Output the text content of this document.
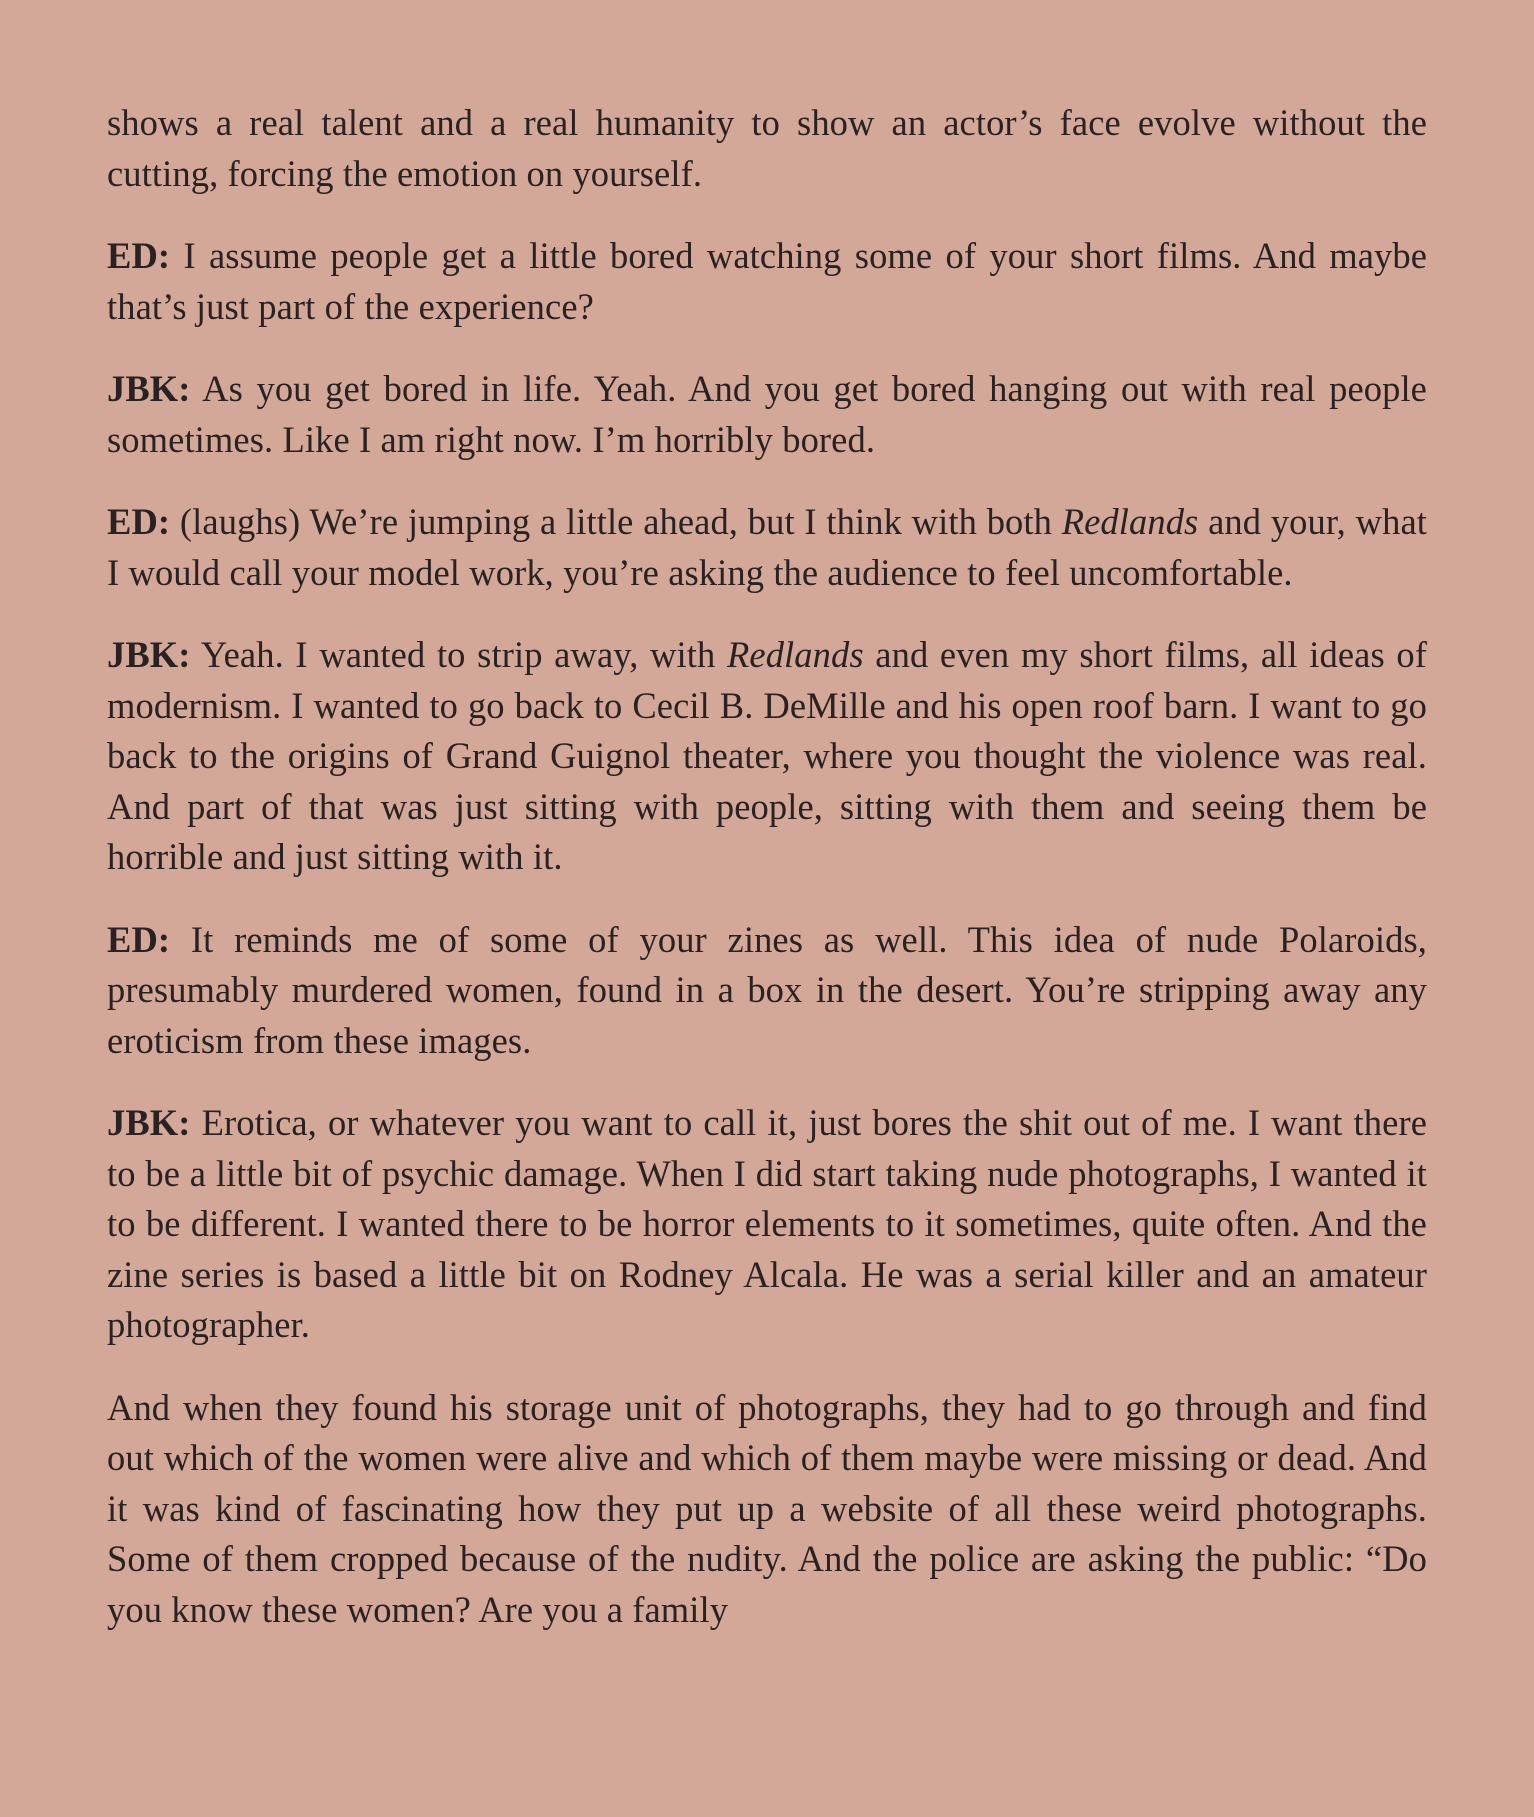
shows a real talent and a real humanity to show an actor’s face evolve without the cutting, forcing the emotion on yourself.

ED: I assume people get a little bored watching some of your short films. And maybe that’s just part of the experience?

JBK: As you get bored in life. Yeah. And you get bored hanging out with real people sometimes. Like I am right now. I’m horribly bored.

ED: (laughs) We’re jumping a little ahead, but I think with both Redlands and your, what I would call your model work, you’re asking the audience to feel uncomfortable.

JBK: Yeah. I wanted to strip away, with Redlands and even my short films, all ideas of modernism. I wanted to go back to Cecil B. DeMille and his open roof barn. I want to go back to the origins of Grand Guignol theater, where you thought the violence was real. And part of that was just sitting with people, sitting with them and seeing them be horrible and just sitting with it.

ED: It reminds me of some of your zines as well. This idea of nude Polaroids, presumably murdered women, found in a box in the desert. You’re stripping away any eroticism from these images.

JBK: Erotica, or whatever you want to call it, just bores the shit out of me. I want there to be a little bit of psychic damage. When I did start taking nude photographs, I wanted it to be different. I wanted there to be horror elements to it sometimes, quite often. And the zine series is based a little bit on Rodney Alcala. He was a serial killer and an amateur photographer.

And when they found his storage unit of photographs, they had to go through and find out which of the women were alive and which of them maybe were missing or dead. And it was kind of fascinating how they put up a website of all these weird photographs. Some of them cropped because of the nudity. And the police are asking the public: “Do you know these women? Are you a family
